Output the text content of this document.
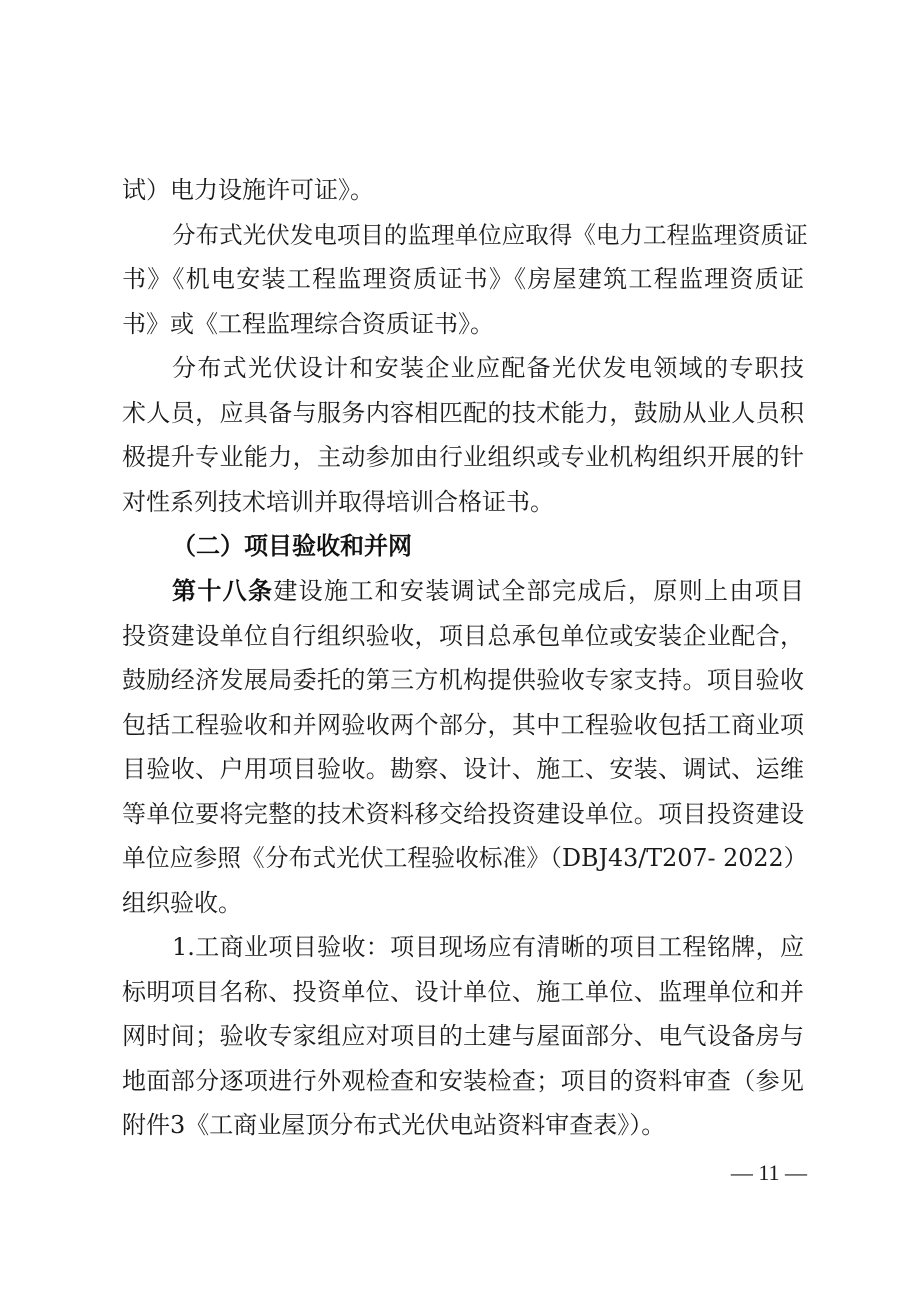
试）电力设施许可证》。
分布式光伏发电项目的监理单位应取得《电力工程监理资质证
书》《机电安装工程监理资质证书》《房屋建筑工程监理资质证
书》或《工程监理综合资质证书》。
分布式光伏设计和安装企业应配备光伏发电领域的专职技
术人员，应具备与服务内容相匹配的技术能力，鼓励从业人员积
极提升专业能力，主动参加由行业组织或专业机构组织开展的针
对性系列技术培训并取得培训合格证书。
（二）项目验收和并网
第十八条建设施工和安装调试全部完成后，原则上由项目
投资建设单位自行组织验收，项目总承包单位或安装企业配合，
鼓励经济发展局委托的第三方机构提供验收专家支持。项目验收
包括工程验收和并网验收两个部分，其中工程验收包括工商业项
目验收、户用项目验收。勘察、设计、施工、安装、调试、运维
等单位要将完整的技术资料移交给投资建设单位。项目投资建设
单位应参照《分布式光伏工程验收标准》（DBJ43/T207- 2022）
组织验收。
1.工商业项目验收：项目现场应有清晰的项目工程铭牌，应
标明项目名称、投资单位、设计单位、施工单位、监理单位和并
网时间；验收专家组应对项目的土建与屋面部分、电气设备房与
地面部分逐项进行外观检查和安装检查；项目的资料审查（参见
附件3《工商业屋顶分布式光伏电站资料审查表》）。
— 11 —
